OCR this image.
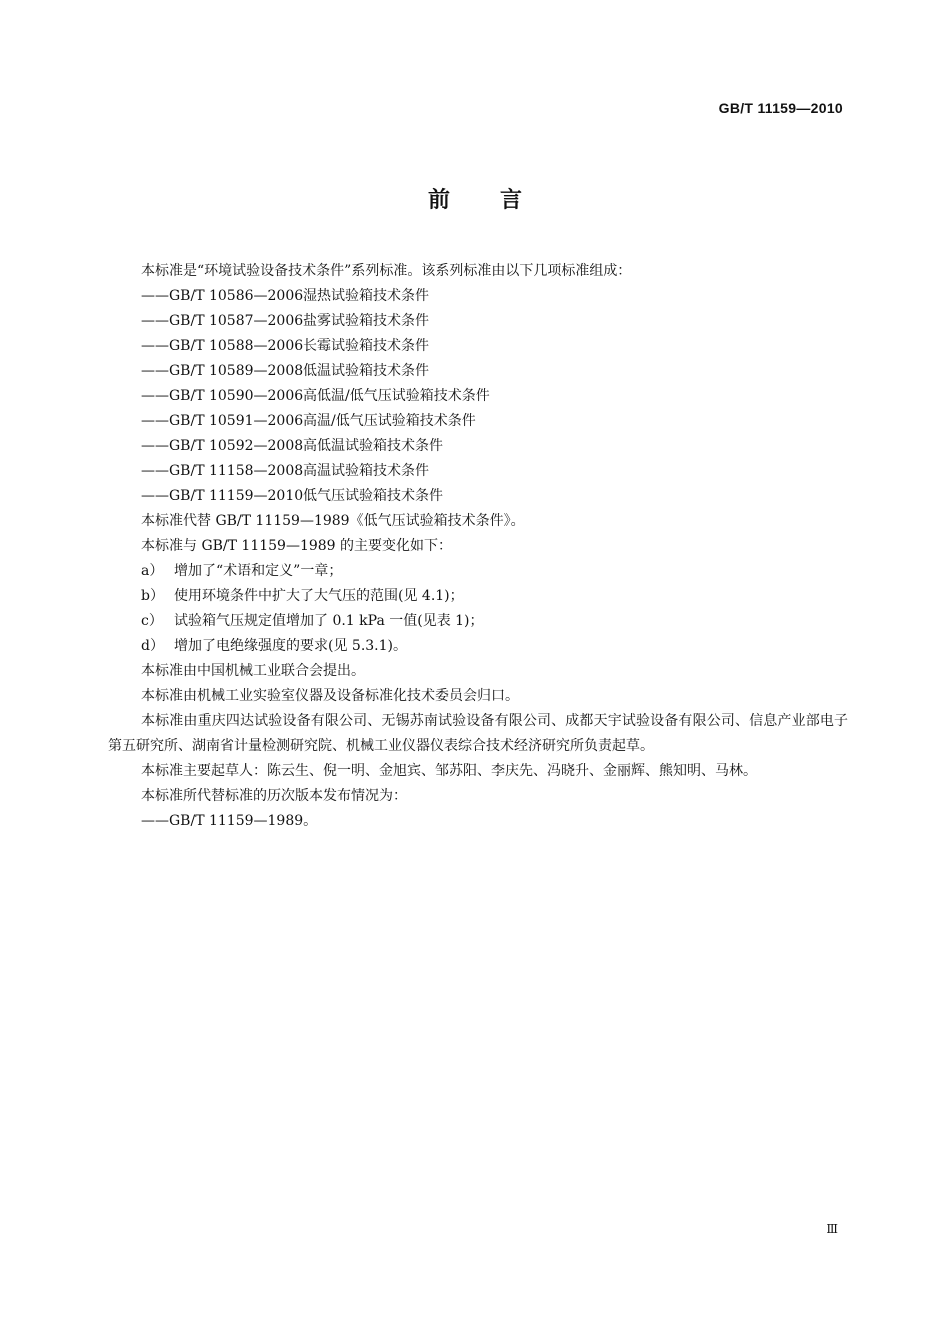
GB/T 11159—2010
前言

本标准是“环境试验设备技术条件”系列标准。该系列标准由以下几项标准组成：

——GB/T 10586—2006湿热试验箱技术条件

——GB/T 10587—2006盐雾试验箱技术条件

——GB/T 10588—2006长霉试验箱技术条件

——GB/T 10589—2008低温试验箱技术条件

——GB/T 10590—2006高低温/低气压试验箱技术条件

——GB/T 10591—2006高温/低气压试验箱技术条件

——GB/T 10592—2008高低温试验箱技术条件

——GB/T 11158—2008高温试验箱技术条件

——GB/T 11159—2010低气压试验箱技术条件

本标准代替 GB/T 11159—1989《低气压试验箱技术条件》。

本标准与 GB/T 11159—1989 的主要变化如下：

a） 增加了“术语和定义”一章；

b） 使用环境条件中扩大了大气压的范围(见 4.1)；

c） 试验箱气压规定值增加了 0.1 kPa 一值(见表 1)；

d） 增加了电绝缘强度的要求(见 5.3.1)。

本标准由中国机械工业联合会提出。

本标准由机械工业实验室仪器及设备标准化技术委员会归口。

本标准由重庆四达试验设备有限公司、无锡苏南试验设备有限公司、成都天宇试验设备有限公司、信息产业部电子第五研究所、湖南省计量检测研究院、机械工业仪器仪表综合技术经济研究所负责起草。

本标准主要起草人：陈云生、倪一明、金旭宾、邹苏阳、李庆先、冯晓升、金丽辉、熊知明、马林。

本标准所代替标准的历次版本发布情况为：

——GB/T 11159—1989。

Ⅲ
